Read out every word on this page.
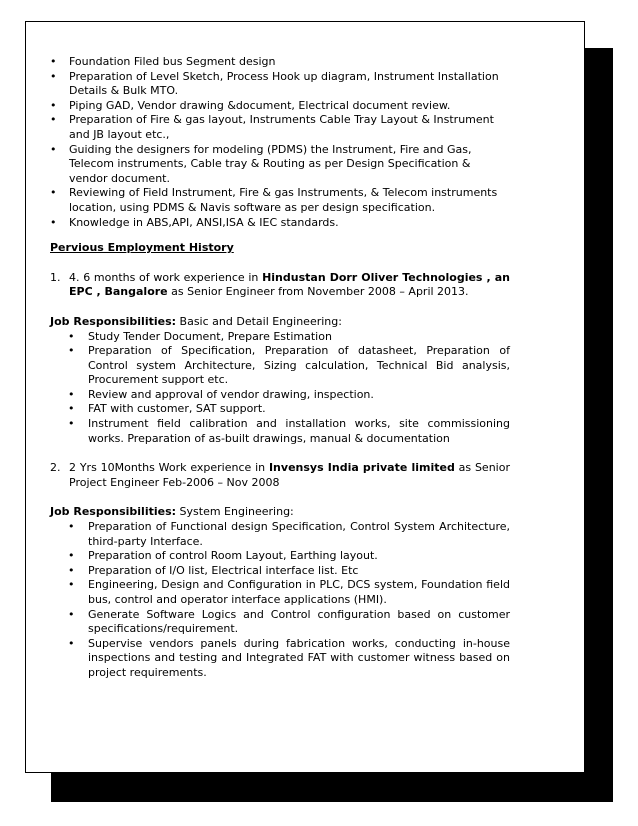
• Foundation Filed bus Segment design
• Preparation of Level Sketch, Process Hook up diagram, Instrument Installation Details & Bulk MTO.
• Piping GAD, Vendor drawing &document, Electrical document review.
• Preparation of Fire & gas layout, Instruments Cable Tray Layout & Instrument and JB layout etc.,
• Guiding the designers for modeling (PDMS) the Instrument, Fire and Gas, Telecom instruments, Cable tray & Routing as per Design Specification & vendor document.
• Reviewing of Field Instrument, Fire & gas Instruments, & Telecom instruments location, using PDMS & Navis software as per design specification.
• Knowledge in ABS,API, ANSI,ISA & IEC standards.
Pervious Employment History
1. 4. 6 months of work experience in Hindustan Dorr Oliver Technologies , an EPC , Bangalore as Senior Engineer from November 2008 – April 2013.
Job Responsibilities: Basic and Detail Engineering:
• Study Tender Document, Prepare Estimation
• Preparation of Specification, Preparation of datasheet, Preparation of Control system Architecture, Sizing calculation, Technical Bid analysis, Procurement support etc.
• Review and approval of vendor drawing, inspection.
• FAT with customer, SAT support.
• Instrument field calibration and installation works, site commissioning works. Preparation of as-built drawings, manual & documentation
2. 2 Yrs 10Months Work experience in Invensys India private limited as Senior Project Engineer Feb-2006 – Nov 2008
Job Responsibilities: System Engineering:
• Preparation of Functional design Specification, Control System Architecture, third-party Interface.
• Preparation of control Room Layout, Earthing layout.
• Preparation of I/O list, Electrical interface list. Etc
• Engineering, Design and Configuration in PLC, DCS system, Foundation field bus, control and operator interface applications (HMI).
• Generate Software Logics and Control configuration based on customer specifications/requirement.
• Supervise vendors panels during fabrication works, conducting in-house inspections and testing and Integrated FAT with customer witness based on project requirements.
